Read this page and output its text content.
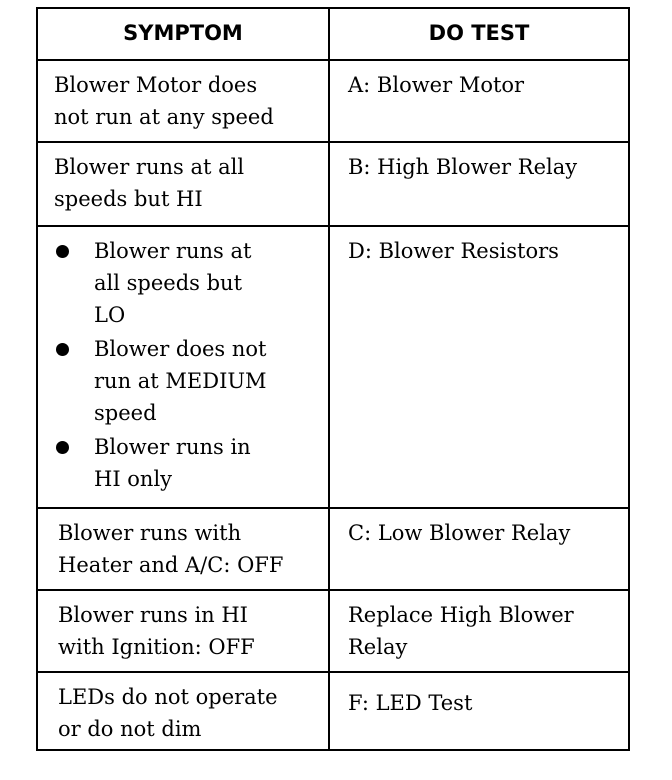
SYMPTOM	DO TEST

Blower Motor does
not run at any speed

A: Blower Motor

Blower runs at all
speeds but HI

B: High Blower Relay

Blower runs at
all speeds but
LO
Blower does not
run at MEDIUM
speed
Blower runs in
HI only

D: Blower Resistors

Blower runs with
Heater and A/C: OFF

C: Low Blower Relay

Blower runs in HI
with Ignition: OFF

Replace High Blower
Relay

LEDs do not operate
or do not dim

F: LED Test
